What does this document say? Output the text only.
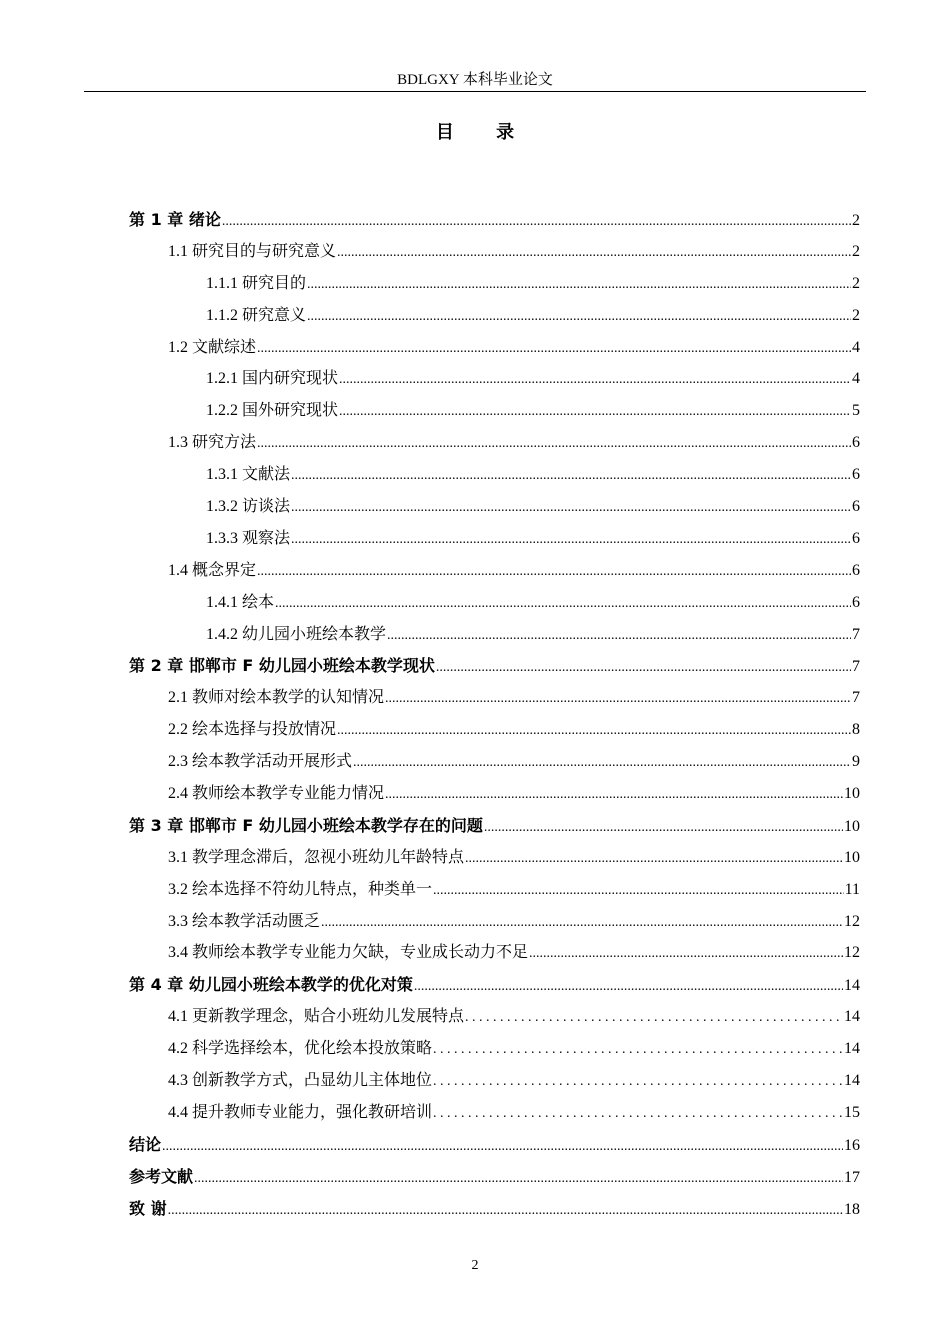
BDLGXY 本科毕业论文
目 录
第 1 章 绪论 .....	2
1.1 研究目的与研究意义 .....	2
1.1.1 研究目的 .....	2
1.1.2 研究意义 .....	2
1.2 文献综述 .....	4
1.2.1 国内研究现状 .....	4
1.2.2 国外研究现状 .....	5
1.3 研究方法 .....	6
1.3.1 文献法 .....	6
1.3.2 访谈法 .....	6
1.3.3 观察法 .....	6
1.4 概念界定 .....	6
1.4.1 绘本 .....	6
1.4.2 幼儿园小班绘本教学 .....	7
第 2 章 邯郸市 F 幼儿园小班绘本教学现状 .....	7
2.1 教师对绘本教学的认知情况 .....	7
2.2 绘本选择与投放情况 .....	8
2.3 绘本教学活动开展形式 .....	9
2.4 教师绘本教学专业能力情况 .....	10
第 3 章 邯郸市 F 幼儿园小班绘本教学存在的问题 .....	10
3.1 教学理念滞后，忽视小班幼儿年龄特点 .....	10
3.2 绘本选择不符幼儿特点，种类单一 .....	11
3.3 绘本教学活动匮乏 .....	12
3.4 教师绘本教学专业能力欠缺，专业成长动力不足 .....	12
第 4 章 幼儿园小班绘本教学的优化对策 .....	14
4.1 更新教学理念，贴合小班幼儿发展特点 . . .	14
4.2 科学选择绘本，优化绘本投放策略 . . .	14
4.3 创新教学方式，凸显幼儿主体地位 . . .	14
4.4 提升教师专业能力，强化教研培训 . . .	15
结论 .....	16
参考文献 .....	17
致 谢 .....	18
2
